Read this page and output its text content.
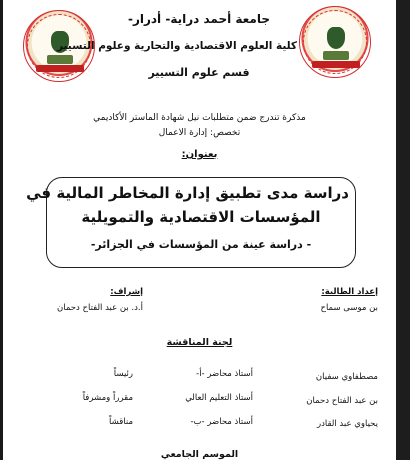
جامعة أحمد دراية- أدرار-
كلية العلوم الاقتصادية والتجارية وعلوم التسيير
قسم علوم التسيير
مذكرة تندرج ضمن متطلبات نيل شهادة الماستر الأكاديمي
تخصص: إدارة الاعمال
بعنوان:
دراسة مدى تطبيق إدارة المخاطر المالية في
المؤسسات الاقتصادية والتمويلية
- دراسة عينة من المؤسسات في الجزائر-
إعداد الطالبة:
بن موسى سماح
إشراف:
أ.د. بن عبد الفتاح دحمان
لجنة المناقشة
مصطفاوي سفيان
أستاذ محاضر -أ-
رئيساً
بن عبد الفتاح دحمان
أستاذ التعليم العالي
مقرراً ومشرفاً
يحياوي عبد القادر
أستاذ محاضر -ب-
مناقشاً
الموسم الجامعي
